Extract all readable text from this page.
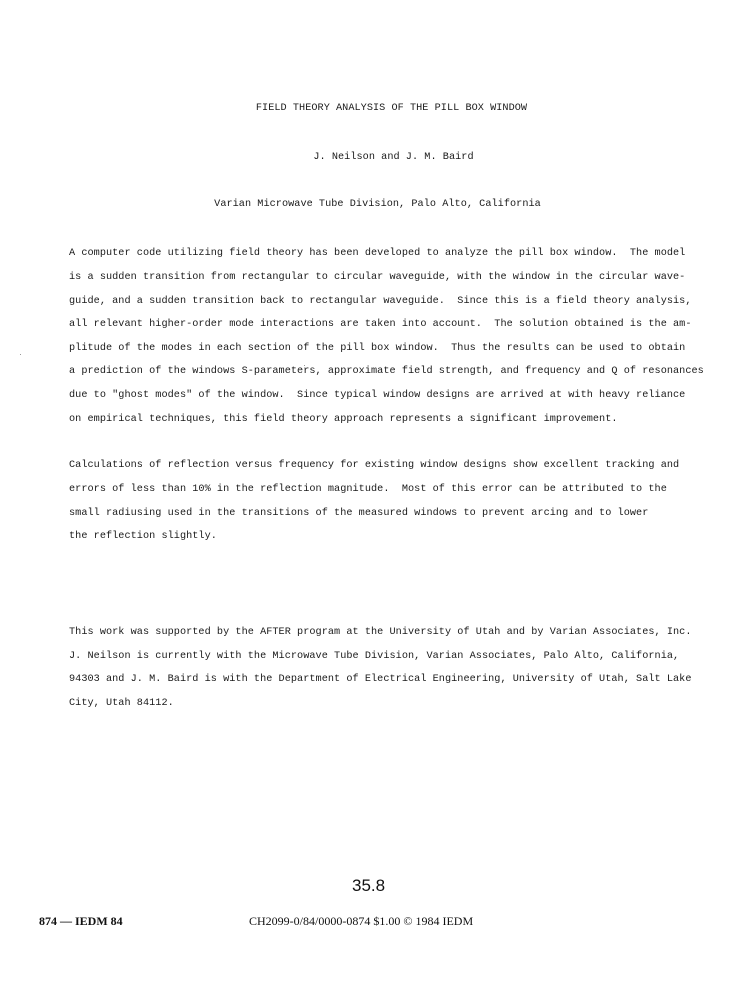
FIELD THEORY ANALYSIS OF THE PILL BOX WINDOW
J. Neilson and J. M. Baird
Varian Microwave Tube Division, Palo Alto, California
A computer code utilizing field theory has been developed to analyze the pill box window.  The model
is a sudden transition from rectangular to circular waveguide, with the window in the circular wave-
guide, and a sudden transition back to rectangular waveguide.  Since this is a field theory analysis,
all relevant higher-order mode interactions are taken into account.  The solution obtained is the am-
plitude of the modes in each section of the pill box window.  Thus the results can be used to obtain
a prediction of the windows S-parameters, approximate field strength, and frequency and Q of resonances
due to "ghost modes" of the window.  Since typical window designs are arrived at with heavy reliance
on empirical techniques, this field theory approach represents a significant improvement.
Calculations of reflection versus frequency for existing window designs show excellent tracking and
errors of less than 10% in the reflection magnitude.  Most of this error can be attributed to the
small radiusing used in the transitions of the measured windows to prevent arcing and to lower
the reflection slightly.
This work was supported by the AFTER program at the University of Utah and by Varian Associates, Inc.
J. Neilson is currently with the Microwave Tube Division, Varian Associates, Palo Alto, California,
94303 and J. M. Baird is with the Department of Electrical Engineering, University of Utah, Salt Lake
City, Utah 84112.
35.8
874 — IEDM 84	CH2099-0/84/0000-0874 $1.00 © 1984 IEDM
